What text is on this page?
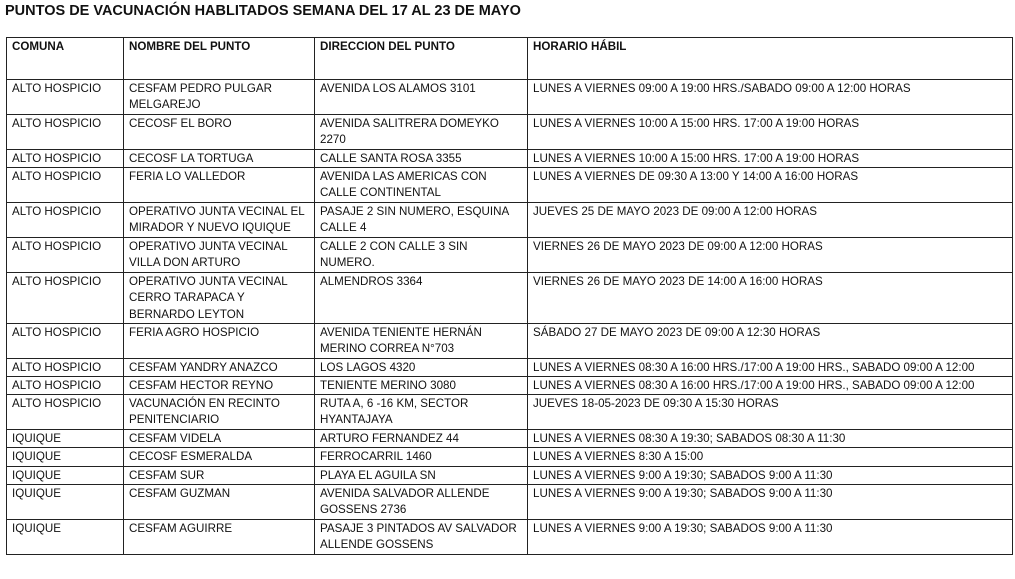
PUNTOS DE VACUNACIÓN HABLITADOS SEMANA DEL 17 AL 23 DE MAYO
COMUNA	NOMBRE DEL PUNTO	DIRECCION DEL PUNTO	HORARIO HÁBIL
ALTO HOSPICIO	CESFAM PEDRO PULGAR MELGAREJO	AVENIDA LOS ALAMOS 3101	LUNES A VIERNES 09:00 A 19:00 HRS./SABADO 09:00 A 12:00 HORAS
ALTO HOSPICIO	CECOSF EL BORO	AVENIDA SALITRERA DOMEYKO 2270	LUNES A VIERNES 10:00 A 15:00 HRS. 17:00 A 19:00 HORAS
ALTO HOSPICIO	CECOSF LA TORTUGA	CALLE SANTA ROSA 3355	LUNES A VIERNES 10:00 A 15:00 HRS. 17:00 A 19:00 HORAS
ALTO HOSPICIO	FERIA LO VALLEDOR	AVENIDA LAS AMERICAS CON CALLE CONTINENTAL	LUNES A VIERNES DE 09:30 A 13:00 Y 14:00 A 16:00 HORAS
ALTO HOSPICIO	OPERATIVO JUNTA VECINAL EL MIRADOR Y NUEVO IQUIQUE	PASAJE 2 SIN NUMERO, ESQUINA CALLE 4	JUEVES 25 DE MAYO 2023 DE 09:00 A 12:00 HORAS
ALTO HOSPICIO	OPERATIVO JUNTA VECINAL VILLA DON ARTURO	CALLE 2 CON CALLE 3 SIN NUMERO.	VIERNES 26 DE MAYO 2023 DE 09:00 A 12:00 HORAS
ALTO HOSPICIO	OPERATIVO JUNTA VECINAL CERRO TARAPACA Y BERNARDO LEYTON	ALMENDROS 3364	VIERNES 26 DE MAYO 2023 DE 14:00 A 16:00 HORAS
ALTO HOSPICIO	FERIA AGRO HOSPICIO	AVENIDA TENIENTE HERNÁN MERINO CORREA N°703	SÁBADO 27 DE MAYO 2023 DE 09:00 A 12:30 HORAS
ALTO HOSPICIO	CESFAM YANDRY ANAZCO	LOS LAGOS 4320	LUNES A VIERNES 08:30 A 16:00 HRS./17:00 A 19:00 HRS., SABADO 09:00 A 12:00
ALTO HOSPICIO	CESFAM HECTOR REYNO	TENIENTE MERINO 3080	LUNES A VIERNES 08:30 A 16:00 HRS./17:00 A 19:00 HRS., SABADO 09:00 A 12:00
ALTO HOSPICIO	VACUNACIÓN EN RECINTO PENITENCIARIO	RUTA A, 6 -16 KM, SECTOR HYANTAJAYA	JUEVES 18-05-2023 DE 09:30 A 15:30 HORAS
IQUIQUE	CESFAM VIDELA	ARTURO FERNANDEZ 44	LUNES A VIERNES 08:30 A 19:30; SABADOS 08:30 A 11:30
IQUIQUE	CECOSF ESMERALDA	FERROCARRIL 1460	LUNES A VIERNES 8:30 A 15:00
IQUIQUE	CESFAM SUR	PLAYA EL AGUILA SN	LUNES A VIERNES 9:00 A 19:30; SABADOS 9:00 A 11:30
IQUIQUE	CESFAM GUZMAN	AVENIDA SALVADOR ALLENDE GOSSENS 2736	LUNES A VIERNES 9:00 A 19:30; SABADOS 9:00 A 11:30
IQUIQUE	CESFAM AGUIRRE	PASAJE 3 PINTADOS AV SALVADOR ALLENDE GOSSENS	LUNES A VIERNES 9:00 A 19:30; SABADOS 9:00 A 11:30
